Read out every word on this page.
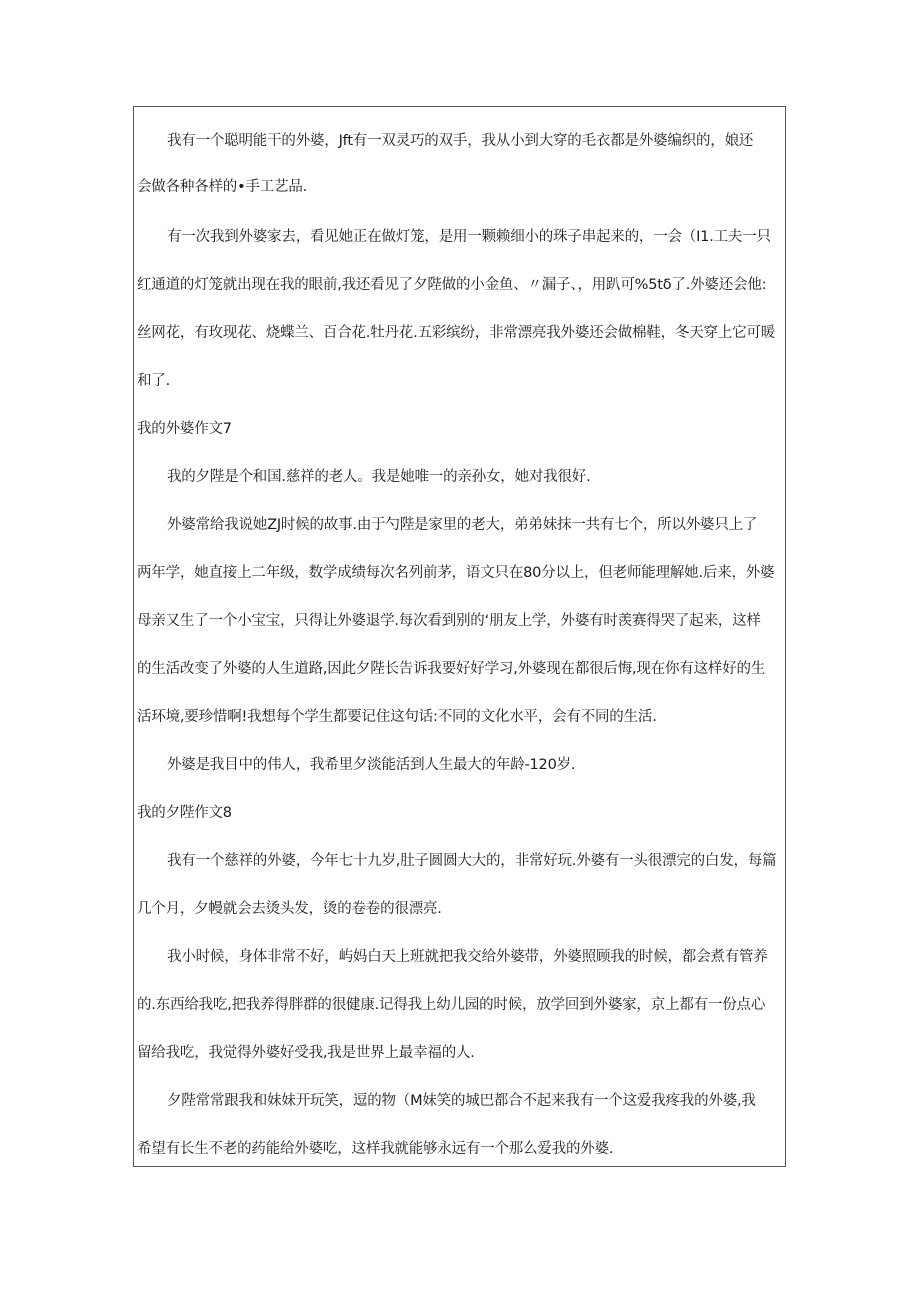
我有一个聪明能干的外婆，Jft有一双灵巧的双手，我从小到大穿的毛衣都是外婆编织的，娘还
会做各种各样的•手工艺品.
有一次我到外婆家去，看见她正在做灯笼，是用一颗赖细小的珠子串起来的，一会（I1.工夫一只
红通道的灯笼就出现在我的眼前,我还看见了夕陛做的小金鱼、〃漏子、，用趴可%5tδ了.外婆还会他:
丝网花，有玫现花、烧蝶兰、百合花.牡丹花.五彩缤纷，非常漂亮我外婆还会做棉鞋，冬天穿上它可暖
和了.
我的外婆作文7
我的夕陛是个和国.慈祥的老人。我是她唯一的亲孙女，她对我很好.
外婆常给我说她ZJ时候的故事.由于勺陛是家里的老大，弟弟妹抹一共有七个，所以外婆只上了
两年学，她直接上二年级，数学成绩每次名列前茅，语文只在80分以上，但老师能理解她.后来，外婆
母亲又生了一个小宝宝，只得让外婆退学.每次看到别的‘朋友上学，外婆有时羡赛得哭了起来，这样
的生活改变了外婆的人生道路,因此夕陛长告诉我要好好学习,外婆现在都很后悔,现在你有这样好的生
活环境,要珍惜啊!我想每个学生都要记住这句话:不同的文化水平，会有不同的生活.
外婆是我目中的伟人，我希里夕淡能活到人生最大的年龄-120岁.
我的夕陛作文8
我有一个慈祥的外婆，今年七十九岁,肚子圆圆大大的，非常好玩.外婆有一头很漂完的白发，每篇
几个月，夕幔就会去烫头发，烫的卷卷的很漂亮.
我小时候，身体非常不好，屿妈白天上班就把我交给外婆带，外婆照顾我的时候，都会煮有管养
的.东西给我吃,把我养得胖群的很健康.记得我上幼儿园的时候，放学回到外婆家，京上都有一份点心
留给我吃，我觉得外婆好受我,我是世界上最幸福的人.
夕陛常常跟我和妹妹开玩笑，逗的物（M妹笑的城巴都合不起来我有一个这爱我疼我的外婆,我
希望有长生不老的药能给外婆吃，这样我就能够永远有一个那么爱我的外婆.
